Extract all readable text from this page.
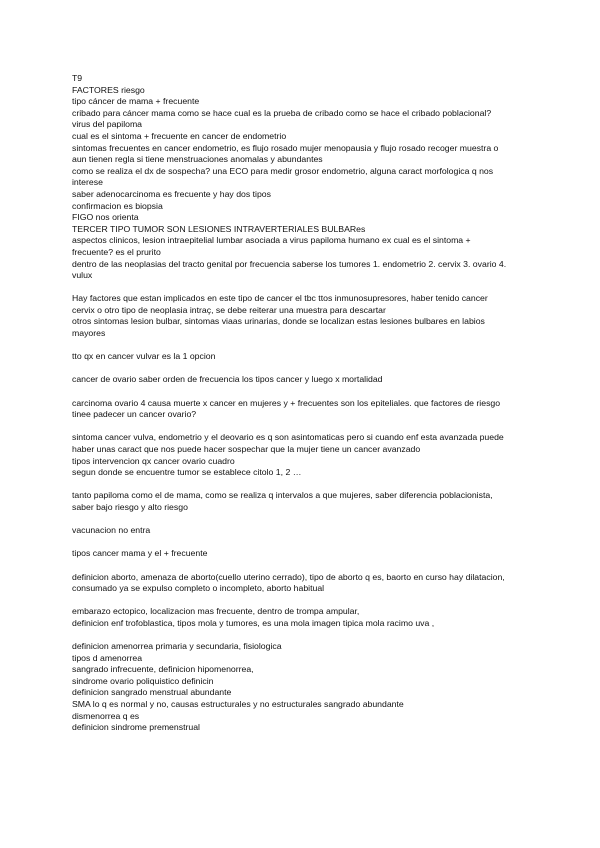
T9
FACTORES riesgo
tipo cáncer de mama + frecuente
cribado para cáncer mama como se hace cual es la prueba de cribado como se hace el cribado poblacional?
virus del papiloma
cual es el sintoma + frecuente en cancer de endometrio
sintomas frecuentes en cancer endometrio, es flujo rosado mujer menopausia y flujo rosado recoger muestra o
aun tienen regla si tiene menstruaciones anomalas y abundantes
como se realiza el dx de sospecha? una ECO para medir grosor endometrio, alguna caract morfologica q nos
interese
saber adenocarcinoma es frecuente y hay dos tipos
confirmacion es biopsia
FIGO nos orienta
TERCER TIPO TUMOR SON LESIONES INTRAVERTERIALES BULBARes
aspectos clinicos, lesion intraepitelial lumbar asociada a virus papiloma humano ex cual es el sintoma +
frecuente? es el prurito
dentro de las neoplasias del tracto genital por frecuencia saberse los tumores 1. endometrio 2. cervix 3. ovario 4.
vulux
Hay factores que estan implicados en este tipo de cancer el tbc ttos inmunosupresores, haber tenido cancer
cervix o otro tipo de neoplasia intraç, se debe reiterar una muestra para descartar
otros sintomas lesion bulbar, sintomas viaas urinarias, donde se localizan estas lesiones bulbares en labios
mayores
tto qx en cancer vulvar es la 1 opcion
cancer de ovario saber orden de frecuencia los tipos cancer y luego x mortalidad
carcinoma ovario 4 causa muerte x cancer en mujeres y + frecuentes son los epiteliales. que factores de riesgo
tinee padecer un cancer ovario?
sintoma cancer vulva, endometrio y el deovario es q son asintomaticas pero si cuando enf esta avanzada puede
haber unas caract que nos puede hacer sospechar que la mujer tiene un cancer avanzado
tipos intervencion qx cancer ovario cuadro
segun donde se encuentre tumor se establece citolo 1, 2 …
tanto papiloma como el de mama, como se realiza q intervalos a que mujeres, saber diferencia poblacionista,
saber bajo riesgo y alto riesgo
vacunacion no entra
tipos cancer mama y el + frecuente
definicion aborto, amenaza de aborto(cuello uterino cerrado), tipo de aborto q es, baorto en curso hay dilatacion,
consumado ya se expulso completo o incompleto, aborto habitual
embarazo ectopico, localizacion mas frecuente, dentro de trompa ampular,
definicion enf trofoblastica, tipos mola y tumores, es una mola imagen tipica mola racimo uva ,
definicion amenorrea primaria y secundaria, fisiologica
tipos d amenorrea
sangrado infrecuente, definicion hipomenorrea,
sindrome ovario poliquistico definicin
definicion sangrado menstrual abundante
SMA lo q es normal y no, causas estructurales y no estructurales sangrado abundante
dismenorrea q es
definicion sindrome premenstrual
